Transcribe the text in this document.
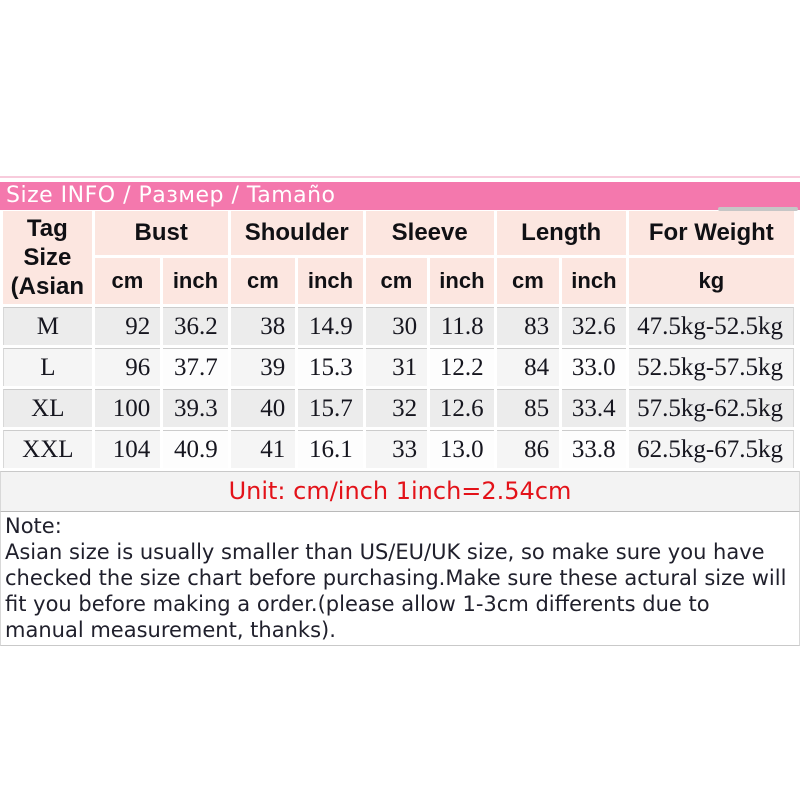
Size INFO / Размер / Tamaño
Tag
Size
(Asian	Bust		Shoulder		Sleeve		Length		For Weight
	cm	inch	cm	inch	cm	inch	cm	inch	kg
M	92	36.2	38	14.9	30	11.8	83	32.6	47.5kg-52.5kg
L	96	37.7	39	15.3	31	12.2	84	33.0	52.5kg-57.5kg
XL	100	39.3	40	15.7	32	12.6	85	33.4	57.5kg-62.5kg
XXL	104	40.9	41	16.1	33	13.0	86	33.8	62.5kg-67.5kg
Unit: cm/inch 1inch=2.54cm
Note:
Asian size is usually smaller than US/EU/UK size, so make sure you have
checked the size chart before purchasing.Make sure these actural size will
fit you before making a order.(please allow 1-3cm differents due to
manual measurement, thanks).
